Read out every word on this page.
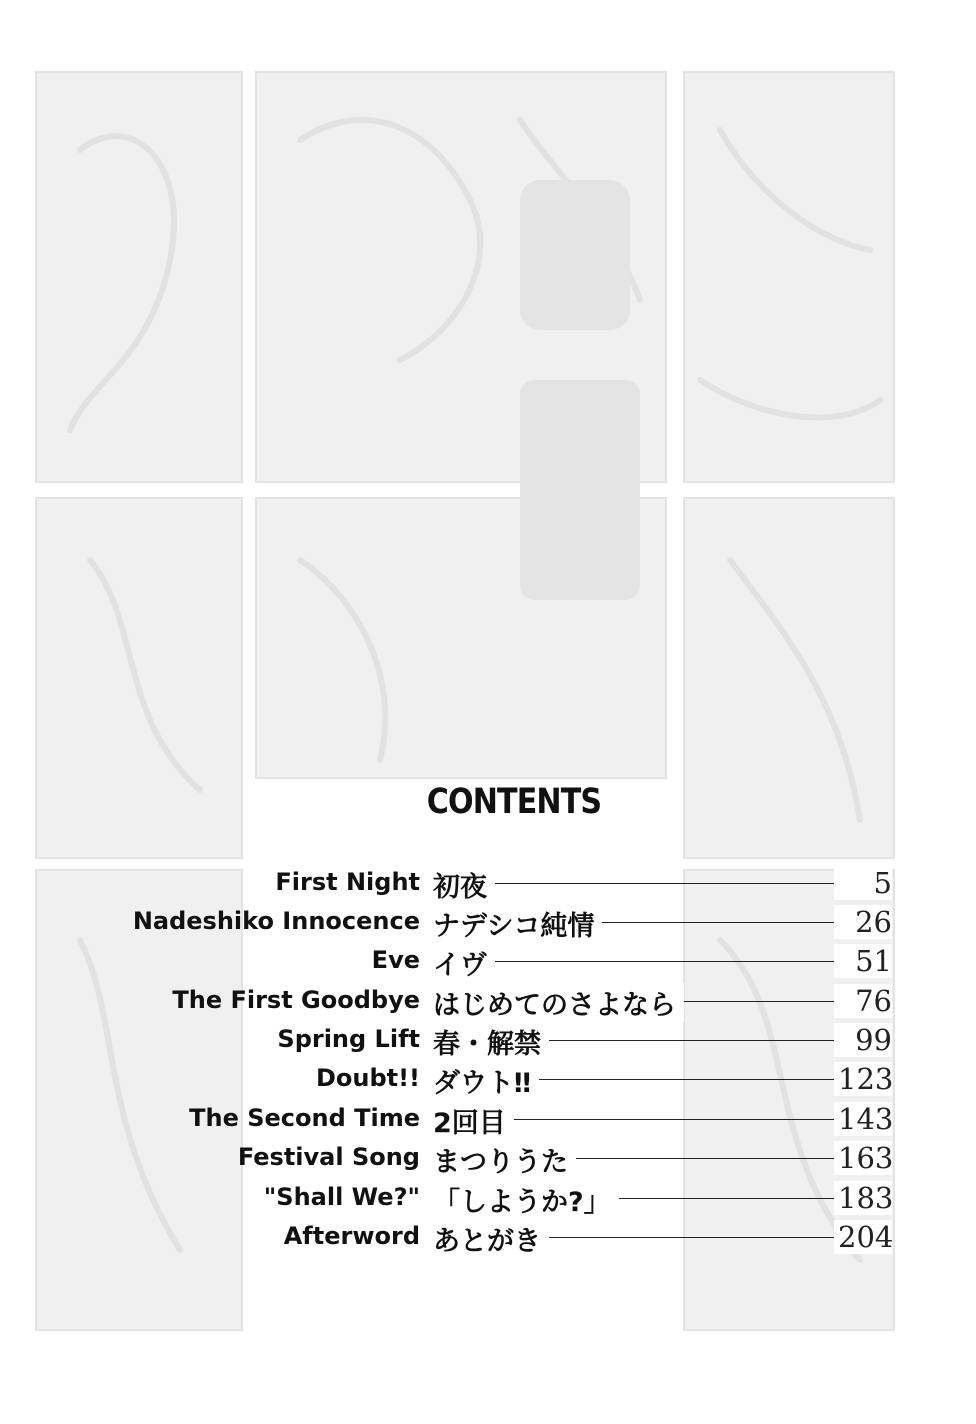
CONTENTS
First Night 初夜	5
Nadeshiko Innocence ナデシコ純情	26
Eve イヴ	51
The First Goodbye はじめてのさよなら	76
Spring Lift 春・解禁	99
Doubt!! ダウト‼	123
The Second Time 2回目	143
Festival Song まつりうた	163
"Shall We?" 「しようか?」	183
Afterword あとがき	204
